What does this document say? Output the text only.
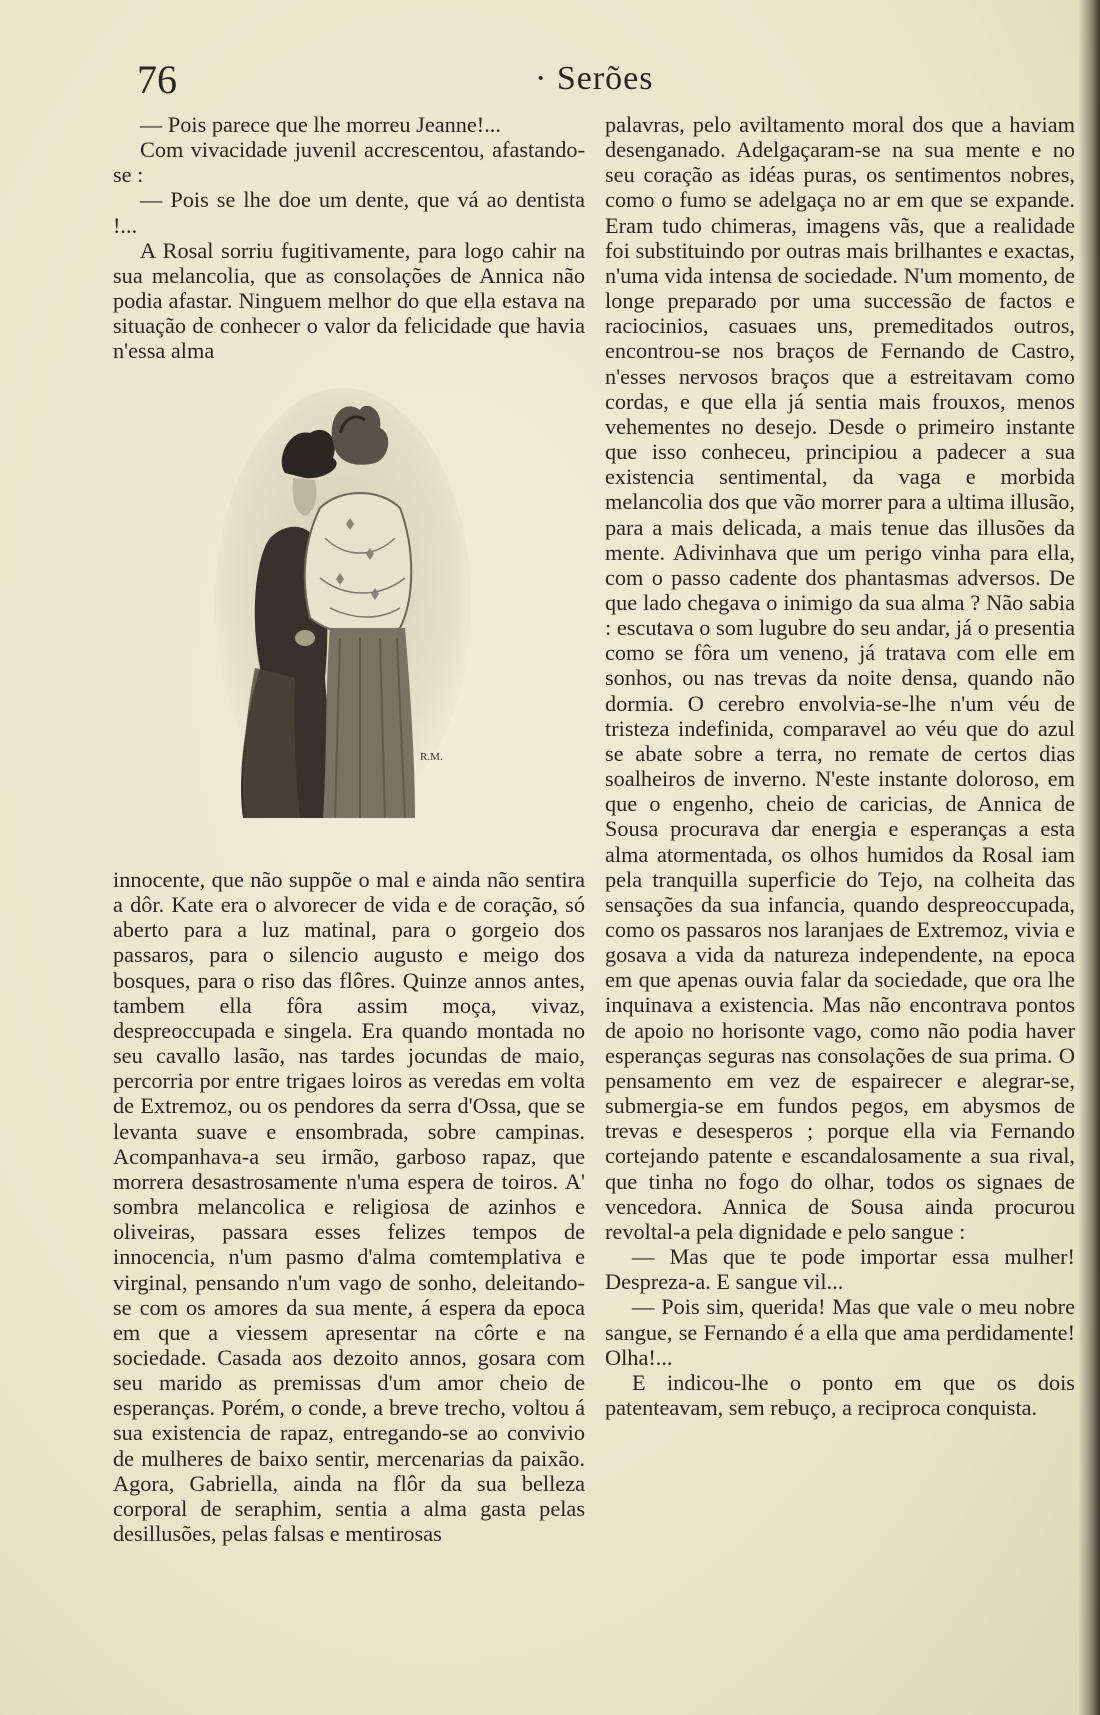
76	· Serões

— Pois parece que lhe morreu Jeanne!...

Com vivacidade juvenil accrescentou, afastando-se :

— Pois se lhe doe um dente, que vá ao dentista !...

A Rosal sorriu fugitivamente, para logo cahir na sua melancolia, que as consolações de Annica não podia afastar. Ninguem melhor do que ella estava na situação de conhecer o valor da felicidade que havia n'essa alma

R.M.

innocente, que não suppõe o mal e ainda não sentira a dôr. Kate era o alvorecer de vida e de coração, só aberto para a luz matinal, para o gorgeio dos passaros, para o silencio augusto e meigo dos bosques, para o riso das flôres. Quinze annos antes, tambem ella fôra assim moça, vivaz, despreoccupada e singela. Era quando montada no seu cavallo lasão, nas tardes jocundas de maio, percorria por entre trigaes loiros as veredas em volta de Extremoz, ou os pendores da serra d'Ossa, que se levanta suave e ensombrada, sobre campinas. Acompanhava-a seu irmão, garboso rapaz, que morrera desastrosamente n'uma espera de toiros. A' sombra melancolica e religiosa de azinhos e oliveiras, passara esses felizes tempos de innocencia, n'um pasmo d'alma comtemplativa e virginal, pensando n'um vago de sonho, deleitando-se com os amores da sua mente, á espera da epoca em que a viessem apresentar na côrte e na sociedade. Casada aos dezoito annos, gosara com seu marido as premissas d'um amor cheio de esperanças. Porém, o conde, a breve trecho, voltou á sua existencia de rapaz, entregando-se ao convivio de mulheres de baixo sentir, mercenarias da paixão. Agora, Gabriella, ainda na flôr da sua belleza corporal de seraphim, sentia a alma gasta pelas desillusões, pelas falsas e mentirosas

palavras, pelo aviltamento moral dos que a haviam desenganado. Adelgaçaram-se na sua mente e no seu coração as idéas puras, os sentimentos nobres, como o fumo se adelgaça no ar em que se expande. Eram tudo chimeras, imagens vãs, que a realidade foi substituindo por outras mais brilhantes e exactas, n'uma vida intensa de sociedade. N'um momento, de longe preparado por uma successão de factos e raciocinios, casuaes uns, premeditados outros, encontrou-se nos braços de Fernando de Castro, n'esses nervosos braços que a estreitavam como cordas, e que ella já sentia mais frouxos, menos vehementes no desejo. Desde o primeiro instante que isso conheceu, principiou a padecer a sua existencia sentimental, da vaga e morbida melancolia dos que vão morrer para a ultima illusão, para a mais delicada, a mais tenue das illusões da mente. Adivinhava que um perigo vinha para ella, com o passo cadente dos phantasmas adversos. De que lado chegava o inimigo da sua alma ? Não sabia : escutava o som lugubre do seu andar, já o presentia como se fôra um veneno, já tratava com elle em sonhos, ou nas trevas da noite densa, quando não dormia. O cerebro envolvia-se-lhe n'um véu de tristeza indefinida, comparavel ao véu que do azul se abate sobre a terra, no remate de certos dias soalheiros de inverno. N'este instante doloroso, em que o engenho, cheio de caricias, de Annica de Sousa procurava dar energia e esperanças a esta alma atormentada, os olhos humidos da Rosal iam pela tranquilla superficie do Tejo, na colheita das sensações da sua infancia, quando despreoccupada, como os passaros nos laranjaes de Extremoz, vivia e gosava a vida da natureza independente, na epoca em que apenas ouvia falar da sociedade, que ora lhe inquinava a existencia. Mas não encontrava pontos de apoio no horisonte vago, como não podia haver esperanças seguras nas consolações de sua prima. O pensamento em vez de espairecer e alegrar-se, submergia-se em fundos pegos, em abysmos de trevas e desesperos ; porque ella via Fernando cortejando patente e escandalosamente a sua rival, que tinha no fogo do olhar, todos os signaes de vencedora. Annica de Sousa ainda procurou revoltal-a pela dignidade e pelo sangue :

— Mas que te pode importar essa mulher! Despreza-a. E sangue vil...

— Pois sim, querida! Mas que vale o meu nobre sangue, se Fernando é a ella que ama perdidamente! Olha!...

E indicou-lhe o ponto em que os dois patenteavam, sem rebuço, a reciproca conquista.
